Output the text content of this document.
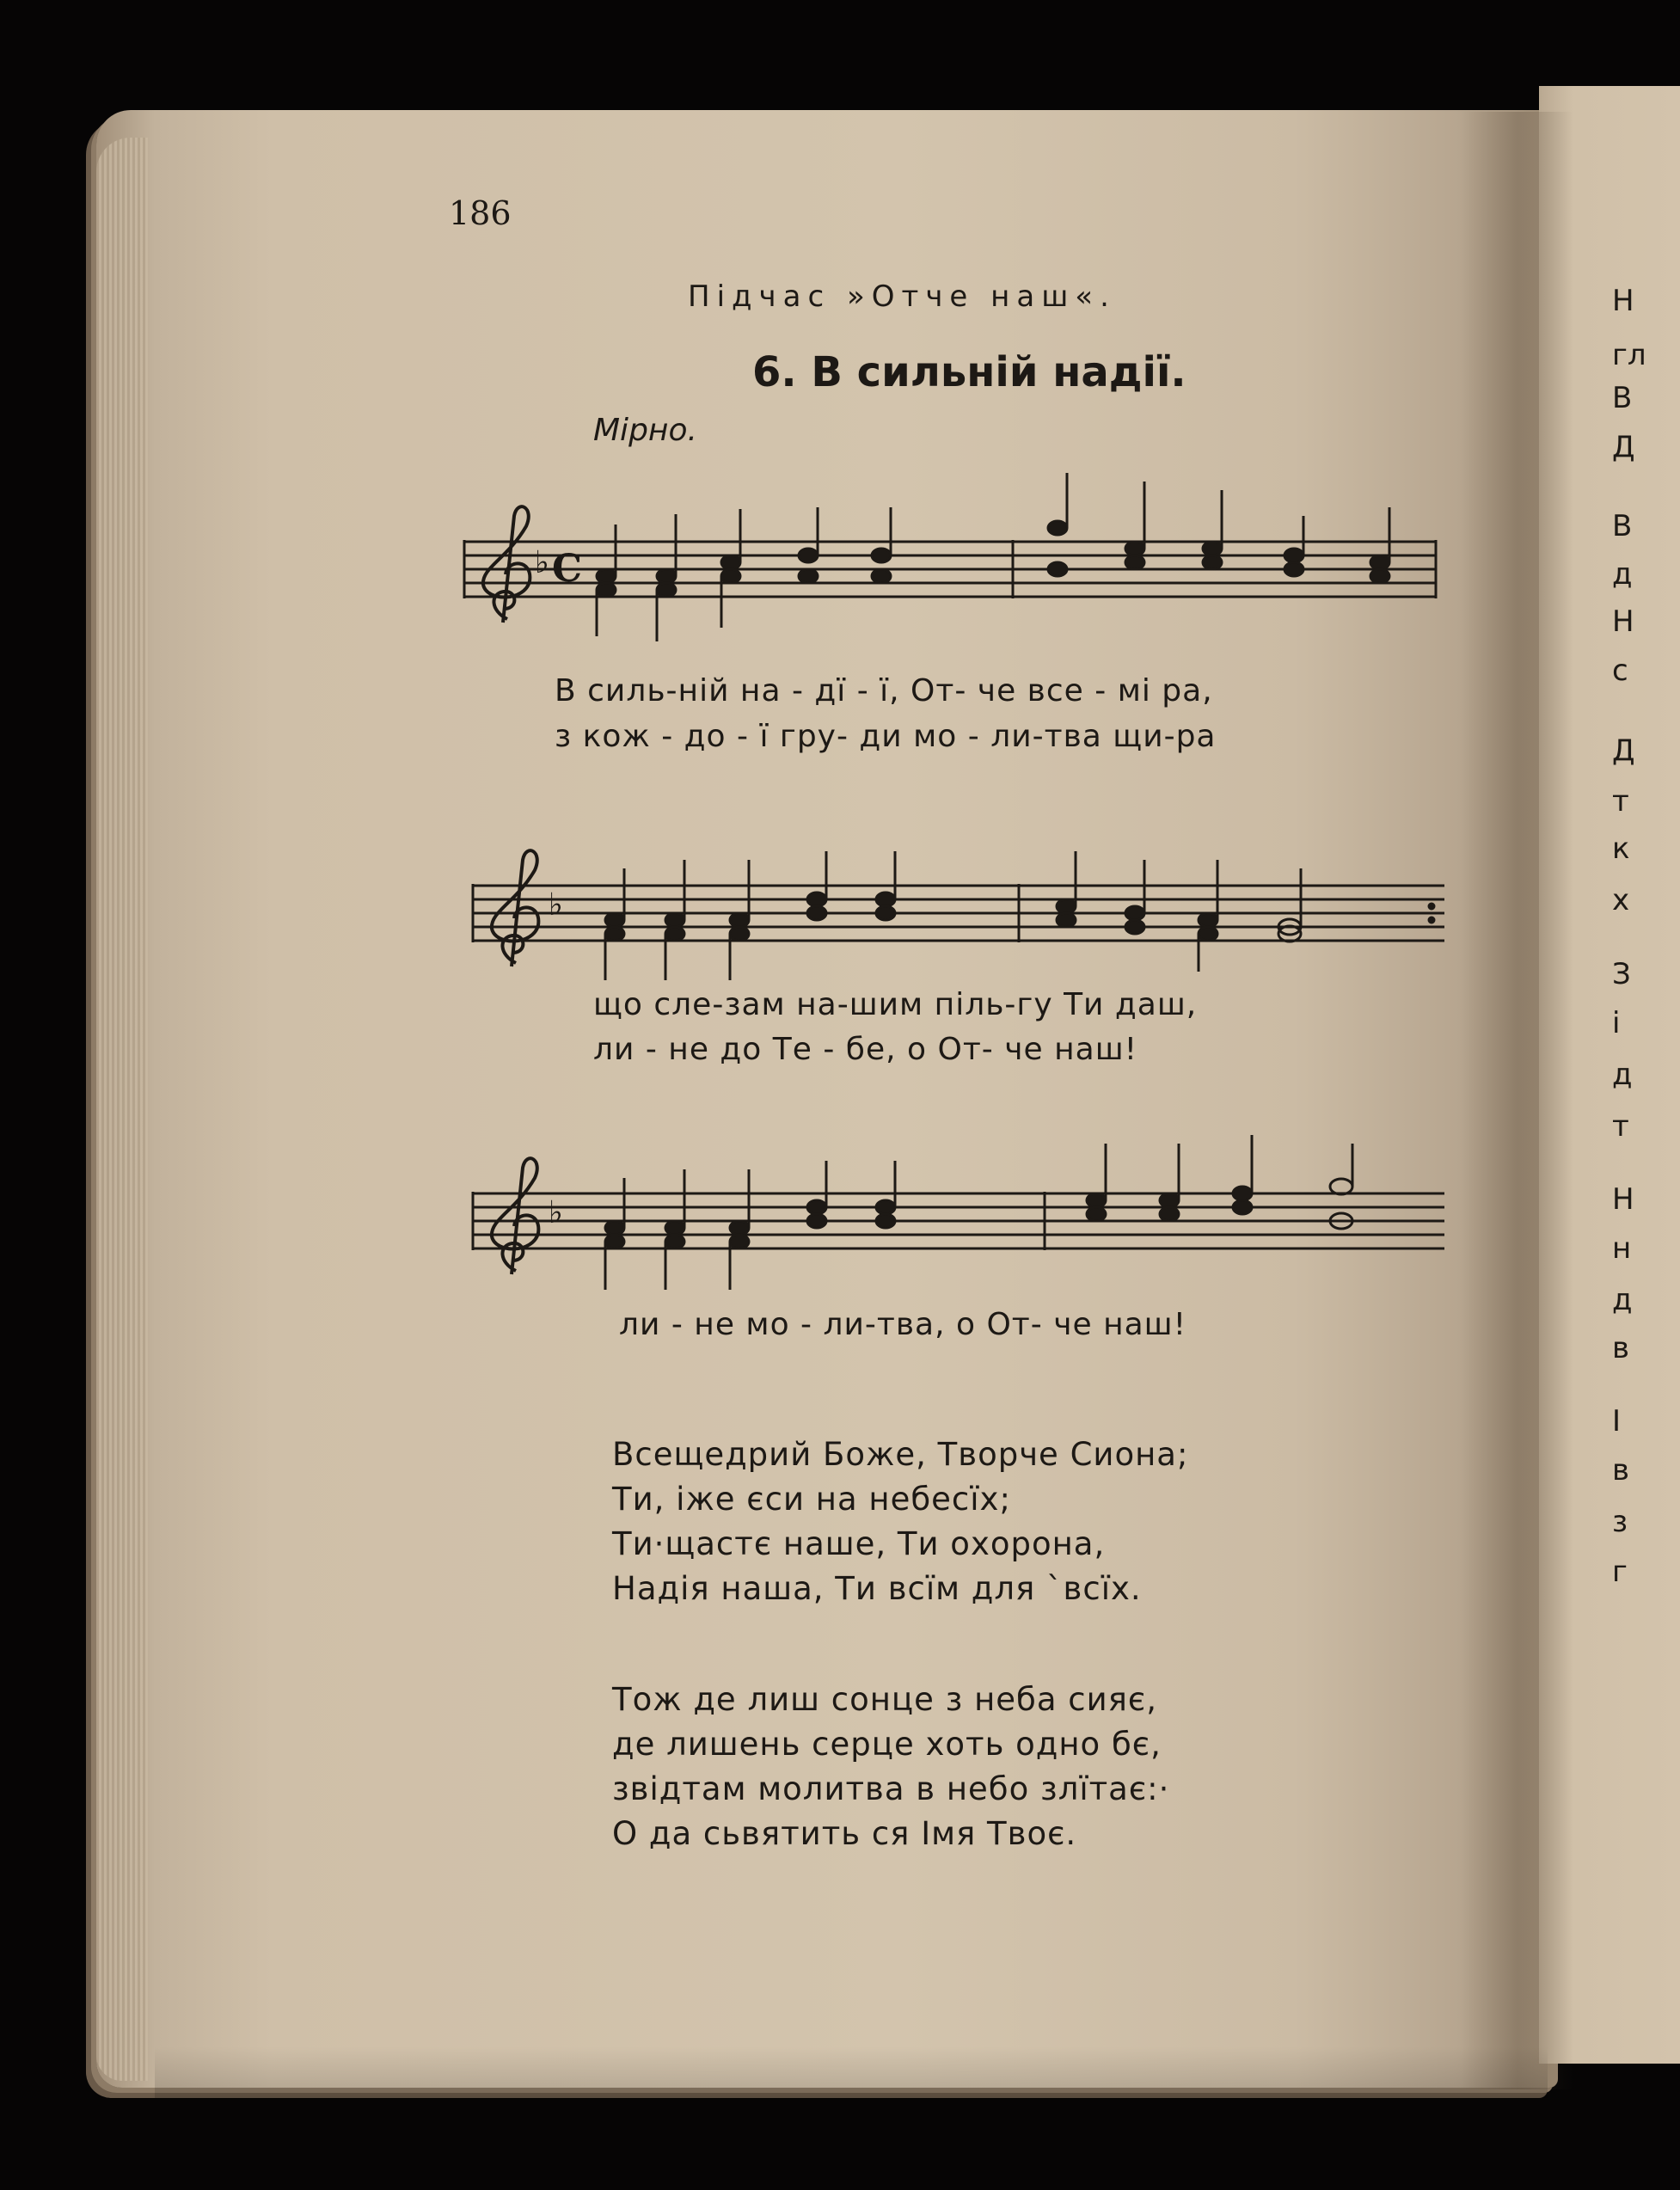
186
Підчас »Отче наш«.
6. В сильній надії.
Мірно.
♭ C
В силь-ній на - дї - ї, От- че все - мі ра,
з кож - до - ї гру- ди мо - ли-тва щи-ра
♭
що сле-зам на-шим піль-гу Ти даш,
ли - не до Те - бе, о От- че наш!
♭
ли - не мо - ли-тва, о От- че наш!
Всещедрий Боже, Творче Сиона;
Ти, іже єси на небесїх;
Ти·щастє наше, Ти охорона,
Надія наша, Ти всїм для ˋвсїх.
Тож де лиш сонце з неба сияє,
де лишень серце хоть одно бє,
звідтам молитва в небо злїтає:·
О да сьвятить ся Імя Твоє.
Н
гл
В
Д
В
д
Н
с
Д
т
к
х
З
і
д
т
Н
н
д
в
І
в
з
г
